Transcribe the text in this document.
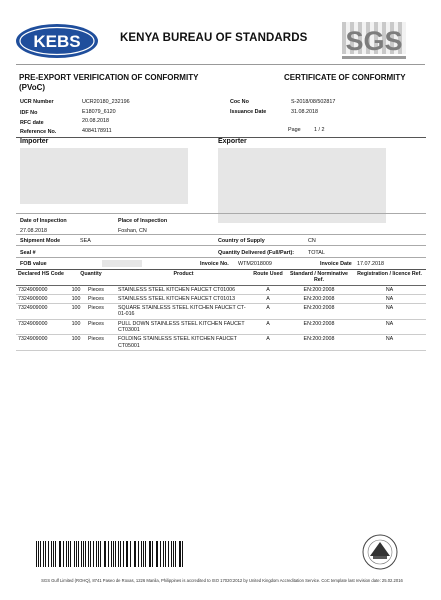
KEBS	KENYA BUREAU OF STANDARDS SGS
PRE-EXPORT VERIFICATION OF CONFORMITY (PVoC)
CERTIFICATE OF CONFORMITY
UCR Number	UCR20180_232196
IDF No	E18079_6120
RFC date	20.08.2018
Reference No.	4084178911
Coc No	S-2018/08/502817
Issuance Date	31.08.2018
Page 1 / 2
Importer	Exporter
Date of Inspection	Place of Inspection
27.08.2018	Foshan, CN
Shipment Mode	SEA	Country of Supply	CN
Seal #	Quantity Delivered (Full/Part):	TOTAL
FOB value	Invoice No. WTM2018009	Invoice Date 17.07.2018
Declared HS Code	Quantity		Product	Route Used	Standard / Norminative Ref.	Registration / licence Ref.
7324909000	100	Pieces	STAINLESS STEEL KITCHEN FAUCET CT01006	A	EN:200:2008	NA
7324909000	100	Pieces	STAINLESS STEEL KITCHEN FAUCET CT01013	A	EN:200:2008	NA
7324909000	100	Pieces	SQUARE STAINLESS STEEL KITCHEN FAUCET CT-01-016	A	EN:200:2008	NA
7324909000	100	Pieces	PULL DOWN STAINLESS STEEL KITCHEN FAUCET CT03001	A	EN:200:2008	NA
7324909000	100	Pieces	FOLDING STAINLESS STEEL KITCHEN FAUCET CT05001	A	EN:200:2008	NA
SGS Gulf Limited (ROHQ), 8741 Paseo de Roxas, 1226 Manila, Philippines is accredited to ISO 17020:2012 by United Kingdom Accreditation Service. CoC template last revision date: 25.02.2016
